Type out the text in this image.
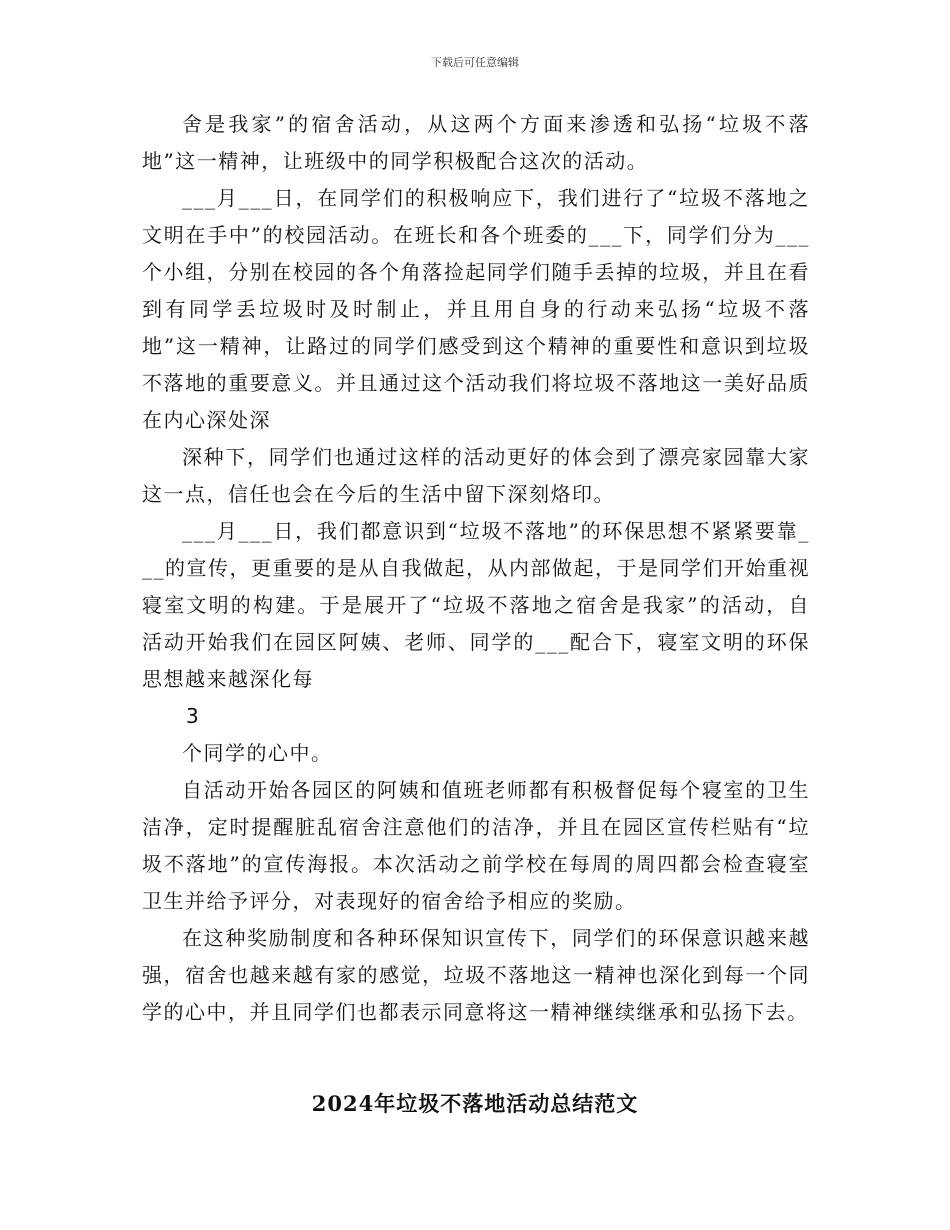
下载后可任意编辑

舍是我家”的宿舍活动，从这两个方面来渗透和弘扬“垃圾不落地”这一精神，让班级中的同学积极配合这次的活动。

___月___日，在同学们的积极响应下，我们进行了“垃圾不落地之文明在手中”的校园活动。在班长和各个班委的___下，同学们分为___个小组，分别在校园的各个角落捡起同学们随手丢掉的垃圾，并且在看到有同学丢垃圾时及时制止，并且用自身的行动来弘扬“垃圾不落地”这一精神，让路过的同学们感受到这个精神的重要性和意识到垃圾不落地的重要意义。并且通过这个活动我们将垃圾不落地这一美好品质在内心深处深

深种下，同学们也通过这样的活动更好的体会到了漂亮家园靠大家这一点，信任也会在今后的生活中留下深刻烙印。

___月___日，我们都意识到“垃圾不落地”的环保思想不紧紧要靠___的宣传，更重要的是从自我做起，从内部做起，于是同学们开始重视寝室文明的构建。于是展开了“垃圾不落地之宿舍是我家”的活动，自活动开始我们在园区阿姨、老师、同学的___配合下，寝室文明的环保思想越来越深化每

3

个同学的心中。

自活动开始各园区的阿姨和值班老师都有积极督促每个寝室的卫生洁净，定时提醒脏乱宿舍注意他们的洁净，并且在园区宣传栏贴有“垃圾不落地”的宣传海报。本次活动之前学校在每周的周四都会检查寝室卫生并给予评分，对表现好的宿舍给予相应的奖励。

在这种奖励制度和各种环保知识宣传下，同学们的环保意识越来越强，宿舍也越来越有家的感觉，垃圾不落地这一精神也深化到每一个同学的心中，并且同学们也都表示同意将这一精神继续继承和弘扬下去。

2024年垃圾不落地活动总结范文
